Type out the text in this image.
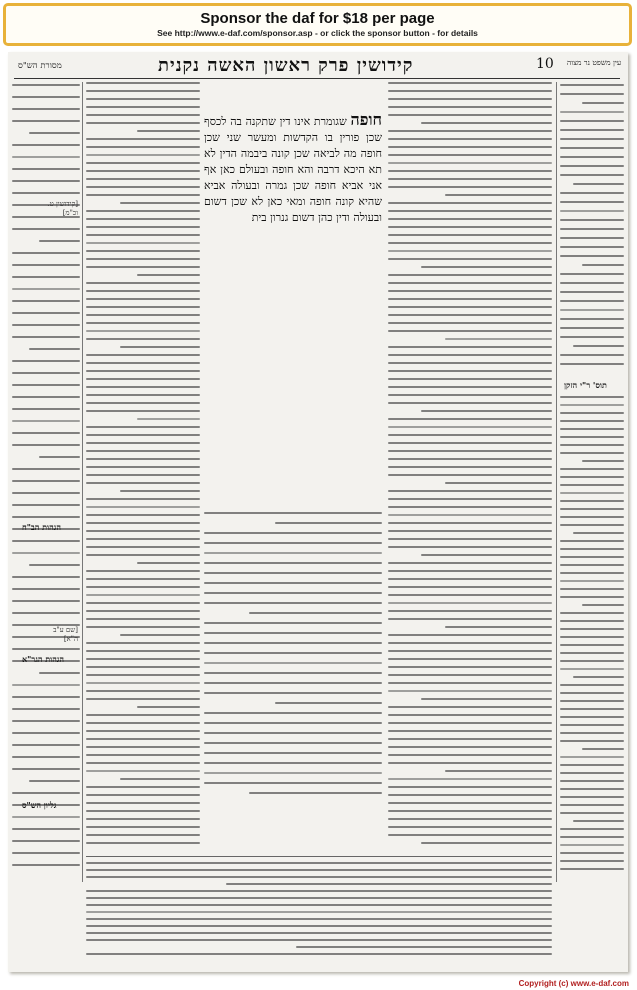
Sponsor the daf for $18 per page
See http://www.e-daf.com/sponsor.asp - or click the sponsor button - for details
מסורת הש"ס	קידושין פרק ראשון האשה נקנית	10	עין משפט נר מצוה
[קידושין ט. וכ"מ]
[שם ע"ב ה"א]
הגהות הב"ח
הגהות הגר"א
גליון הש"ס

חופה שגומרת אינו דין שתקנה בה לכסף שכן פורין בו הקדשות ומעשר שני שכן חופה מה לביאה שכן קונה ביבמה הדין לא תא היכא דרבה והא חופה ובעולם כאן אף אני אביא חופה שכן גמרה ובעולה אביא שהיא קונה חופה ומאי כאן לא שכן דשום ובעולה ודין כהן דשום גנרון בית

תוס' ר"י הזקן
Copyright (c) www.e-daf.com
